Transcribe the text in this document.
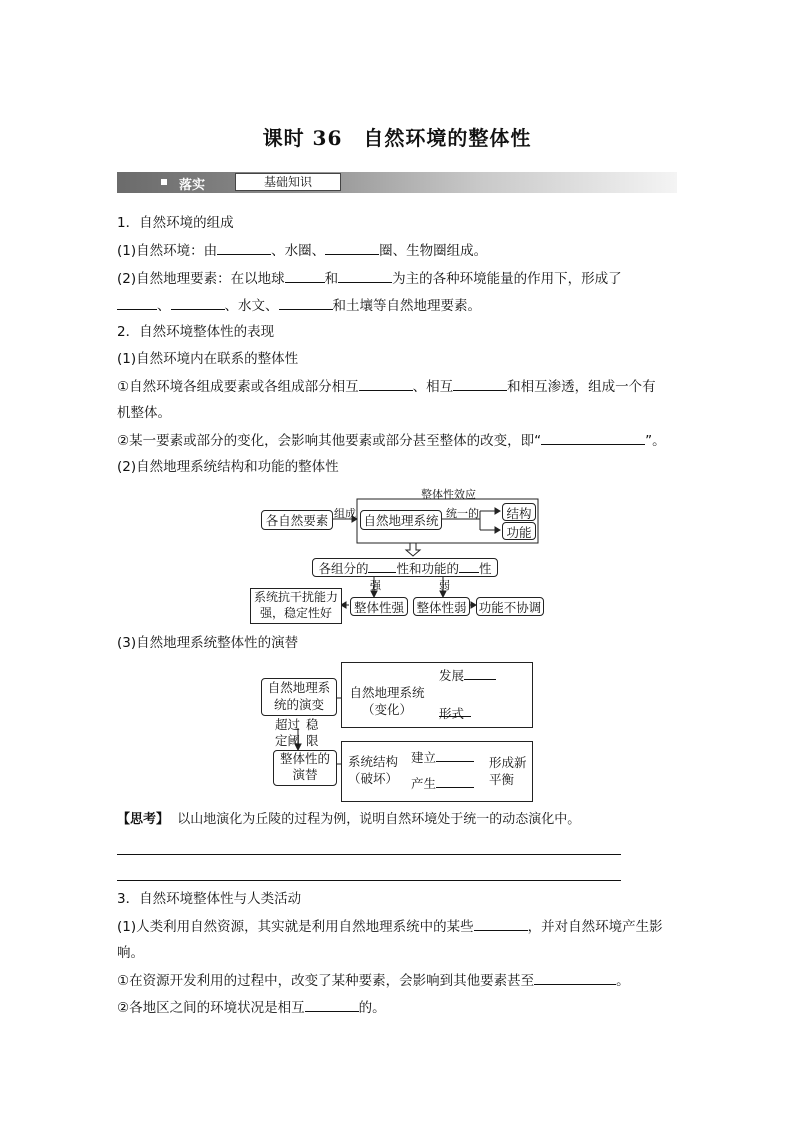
课时 36　自然环境的整体性
落实	基础知识
1．自然环境的组成
(1)自然环境：由	、水圈、	圈、生物圈组成。
(2)自然地理要素：在以地球	和	为主的各种环境能量的作用下，形成了
、	、水文、	和土壤等自然地理要素。
2．自然环境整体性的表现
(1)自然环境内在联系的整体性
①自然环境各组成要素或各组成部分相互	、相互	和相互渗透，组成一个有
机整体。
②某一要素或部分的变化，会影响其他要素或部分甚至整体的改变，即“	”。
(2)自然地理系统结构和功能的整体性
整体性效应
各自然要素 组成 自然地理系统 统一的	结构
功能
各组分的 性和功能的 性
强	弱
系统抗干扰能力
强，稳定性好	整体性强 整体性弱 功能不协调
(3)自然地理系统整体性的演替
自然地理系
统的演变
自然地理系统
（变化）
发展
形式
超过
定阈
稳
限
整体性的
演替
系统结构
（破坏）
建立
产生
形成新
平衡
【思考】 以山地演化为丘陵的过程为例，说明自然环境处于统一的动态演化中。
3．自然环境整体性与人类活动
(1)人类利用自然资源，其实就是利用自然地理系统中的某些	，并对自然环境产生影
响。
①在资源开发利用的过程中，改变了某种要素，会影响到其他要素甚至	。
②各地区之间的环境状况是相互	的。
